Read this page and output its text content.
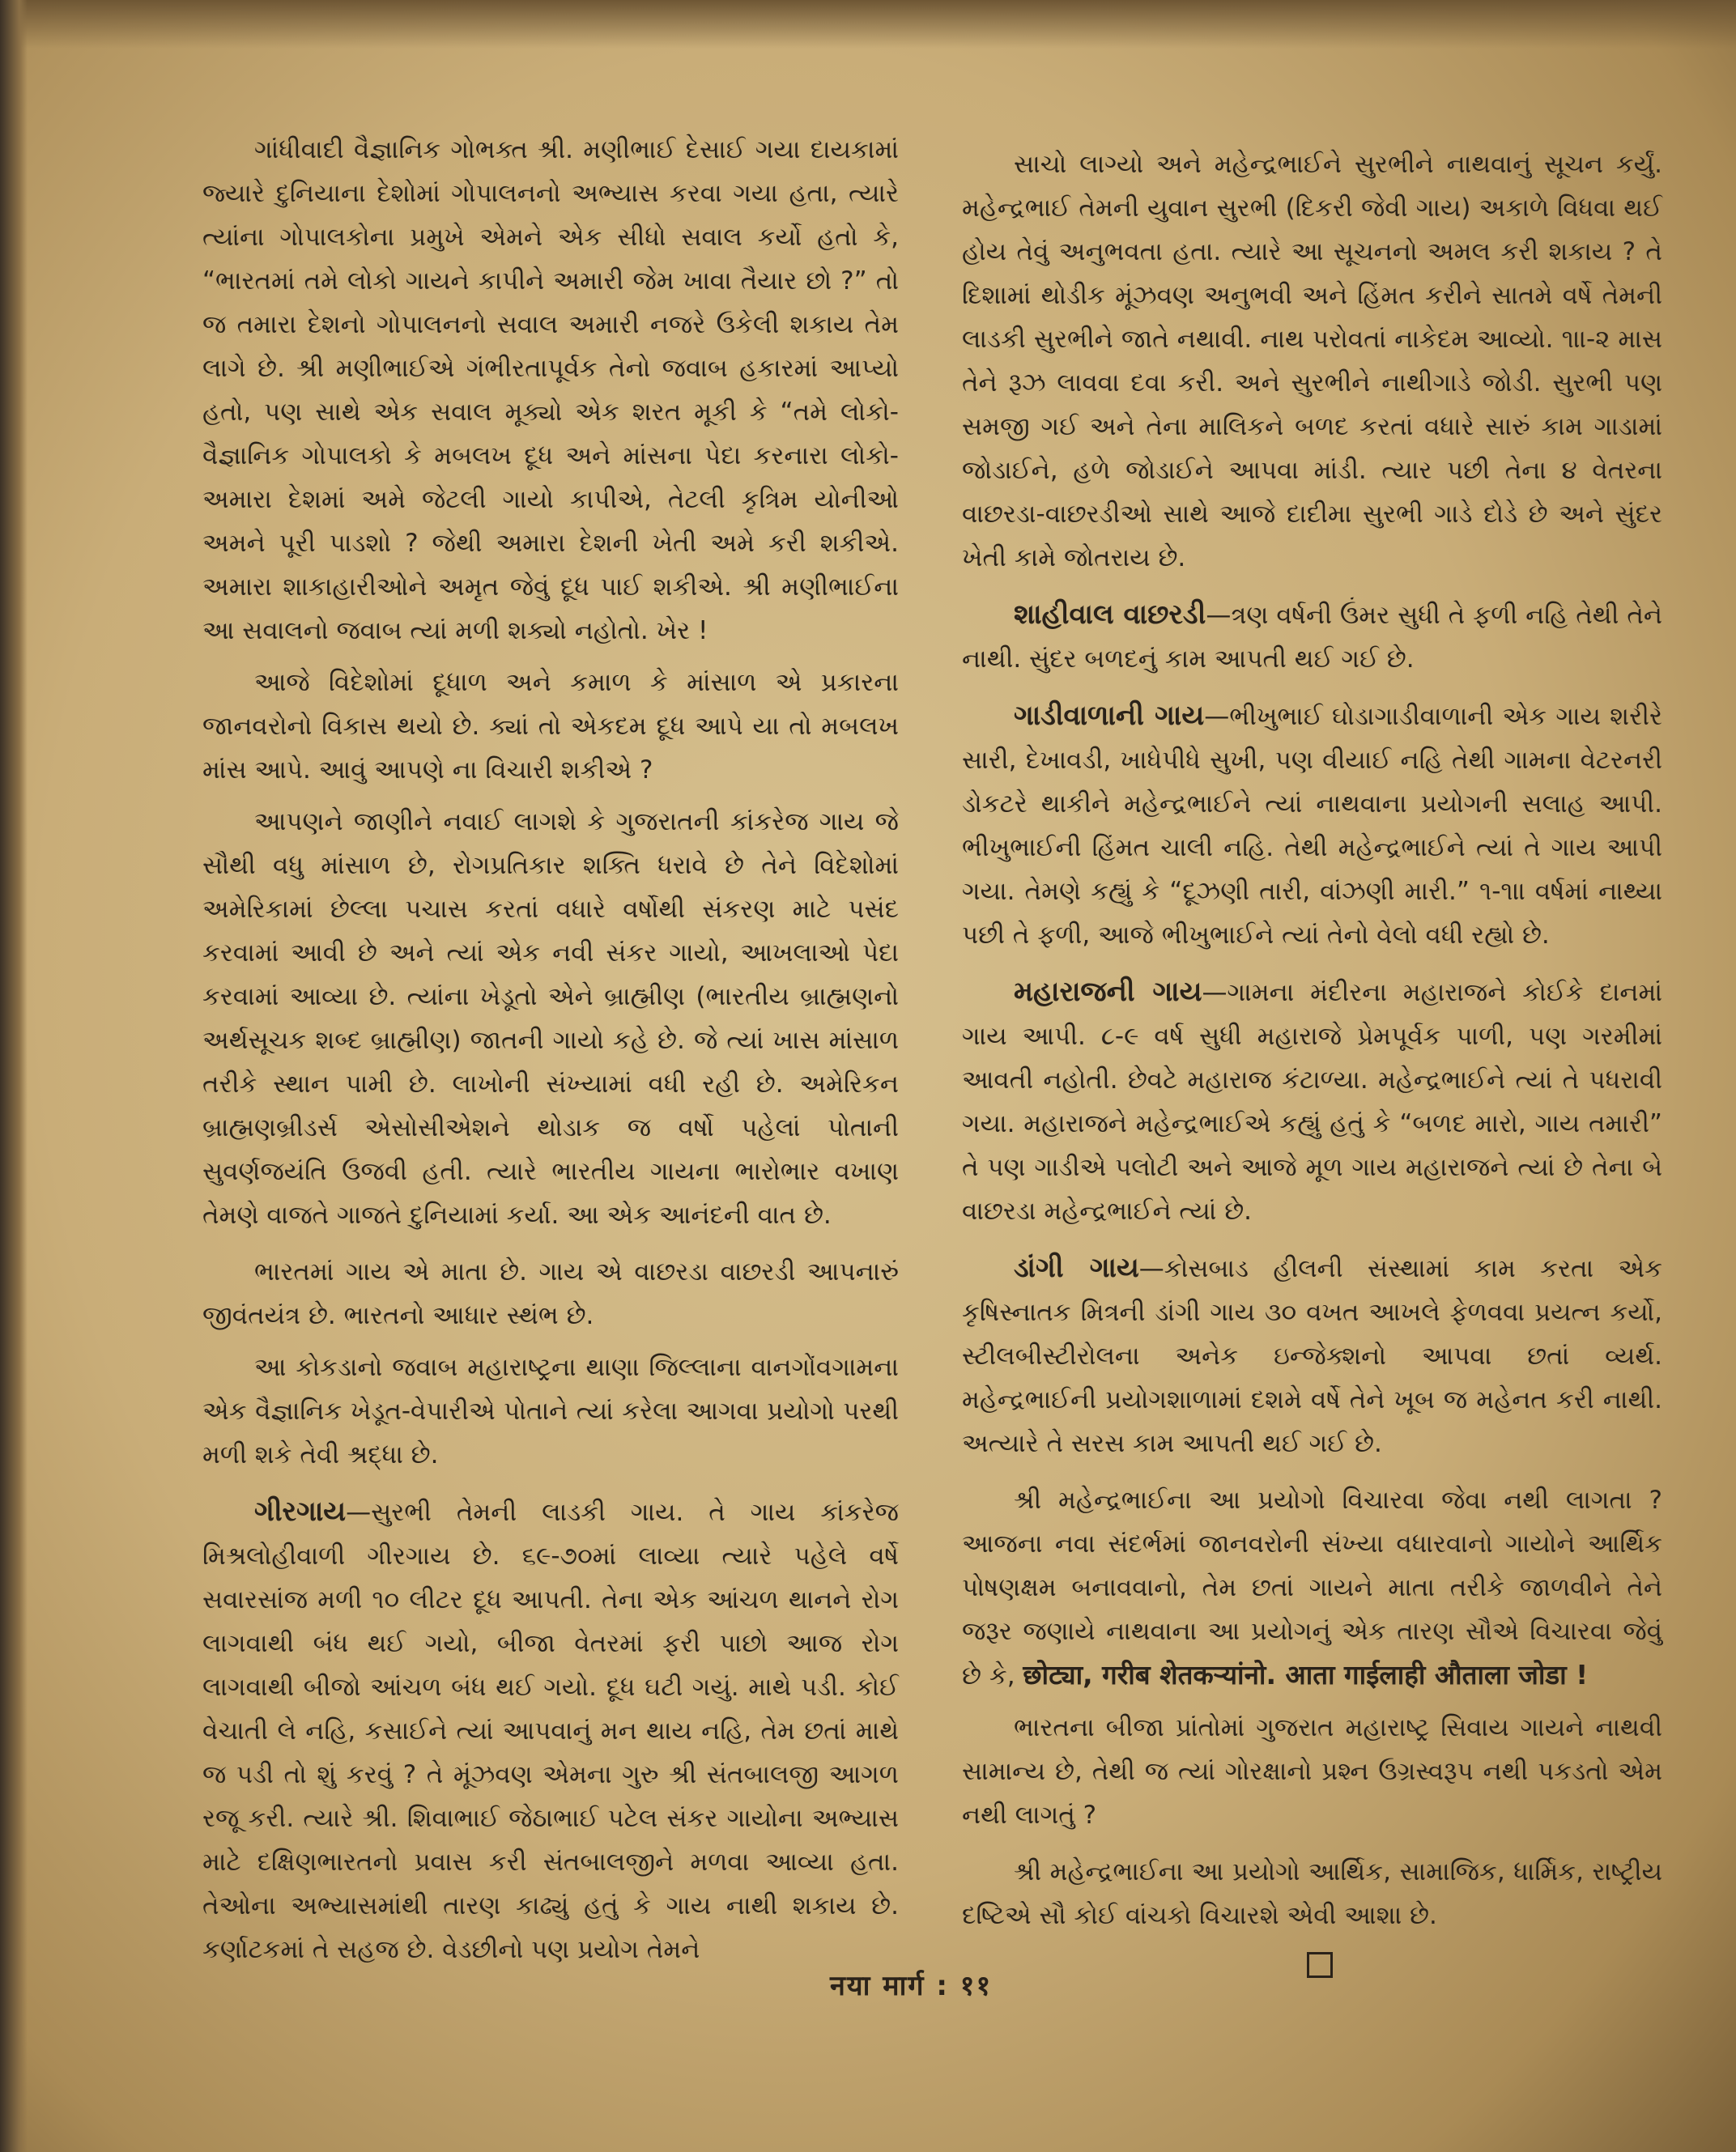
ગાંધીવાદી વૈજ્ઞાનિક ગોભક્ત શ્રી. મણીભાઈ દેસાઈ ગયા દાયકામાં જ્યારે દુનિયાના દેશોમાં ગોપાલનનો અભ્યાસ કરવા ગયા હતા, ત્યારે ત્યાંના ગોપાલકોના પ્રમુખે એમને એક સીધો સવાલ કર્યો હતો કે, “ભારતમાં તમે લોકો ગાયને કાપીને અમારી જેમ ખાવા તૈયાર છો ?” તો જ તમારા દેશનો ગોપાલનનો સવાલ અમારી નજરે ઉકેલી શકાય તેમ લાગે છે. શ્રી મણીભાઈએ ગંભીરતાપૂર્વક તેનો જવાબ હકારમાં આપ્યો હતો, પણ સાથે એક સવાલ મૂક્યો એક શરત મૂકી કે “તમે લોકો-વૈજ્ઞાનિક ગોપાલકો કે મબલખ દૂધ અને માંસના પેદા કરનારા લોકો-અમારા દેશમાં અમે જેટલી ગાયો કાપીએ, તેટલી કૃત્રિમ યોનીઓ અમને પૂરી પાડશો ? જેથી અમારા દેશની ખેતી અમે કરી શકીએ. અમારા શાકાહારીઓને અમૃત જેવું દૂધ પાઈ શકીએ. શ્રી મણીભાઈના આ સવાલનો જવાબ ત્યાં મળી શક્યો નહોતો. ખેર !

આજે વિદેશોમાં દૂધાળ અને કમાળ કે માંસાળ એ પ્રકારના જાનવરોનો વિકાસ થયો છે. ક્યાં તો એકદમ દૂધ આપે યા તો મબલખ માંસ આપે. આવું આપણે ના વિચારી શકીએ ?

આપણને જાણીને નવાઈ લાગશે કે ગુજરાતની કાંકરેજ ગાય જે સૌથી વધુ માંસાળ છે, રોગપ્રતિકાર શક્તિ ધરાવે છે તેને વિદેશોમાં અમેરિકામાં છેલ્લા પચાસ કરતાં વધારે વર્ષોથી સંકરણ માટે પસંદ કરવામાં આવી છે અને ત્યાં એક નવી સંકર ગાયો, આખલાઓ પેદા કરવામાં આવ્યા છે. ત્યાંના ખેડૂતો એને બ્રાહ્મીણ (ભારતીય બ્રાહ્મણનો અર્થસૂચક શબ્દ બ્રાહ્મીણ) જાતની ગાયો કહે છે. જે ત્યાં ખાસ માંસાળ તરીકે સ્થાન પામી છે. લાખોની સંખ્યામાં વધી રહી છે. અમેરિકન બ્રાહ્મણબ્રીડર્સ એસોસીએશને થોડાક જ વર્ષો પહેલાં પોતાની સુવર્ણજયંતિ ઉજવી હતી. ત્યારે ભારતીય ગાયના ભારોભાર વખાણ તેમણે વાજતે ગાજતે દુનિયામાં કર્યા. આ એક આનંદની વાત છે.

ભારતમાં ગાય એ માતા છે. ગાય એ વાછરડા વાછરડી આપનારું જીવંતયંત્ર છે. ભારતનો આધાર સ્થંભ છે.

આ કોકડાનો જવાબ મહારાષ્ટ્રના થાણા જિલ્લાના વાનગોંવગામના એક વૈજ્ઞાનિક ખેડૂત-વેપારીએ પોતાને ત્યાં કરેલા આગવા પ્રયોગો પરથી મળી શકે તેવી શ્રદ્ધા છે.

ગીરગાય—સુરભી તેમની લાડકી ગાય. તે ગાય કાંકરેજ મિશ્રલોહીવાળી ગીરગાય છે. ૬૯-૭૦માં લાવ્યા ત્યારે પહેલે વર્ષે સવારસાંજ મળી ૧૦ લીટર દૂધ આપતી. તેના એક આંચળ થાનને રોગ લાગવાથી બંધ થઈ ગયો, બીજા વેતરમાં ફરી પાછો આજ રોગ લાગવાથી બીજો આંચળ બંધ થઈ ગયો. દૂધ ઘટી ગયું. માથે પડી. કોઈ વેચાતી લે નહિ, કસાઈને ત્યાં આપવાનું મન થાય નહિ, તેમ છતાં માથે જ પડી તો શું કરવું ? તે મૂંઝવણ એમના ગુરુ શ્રી સંતબાલજી આગળ રજૂ કરી. ત્યારે શ્રી. શિવાભાઈ જેઠાભાઈ પટેલ સંકર ગાયોના અભ્યાસ માટે દક્ષિણભારતનો પ્રવાસ કરી સંતબાલજીને મળવા આવ્યા હતા. તેઓના અભ્યાસમાંથી તારણ કાઢ્યું હતું કે ગાય નાથી શકાય છે. કર્ણાટકમાં તે સહજ છે. વેડછીનો પણ પ્રયોગ તેમને

સાચો લાગ્યો અને મહેન્દ્રભાઈને સુરભીને નાથવાનું સૂચન કર્યું. મહેન્દ્રભાઈ તેમની યુવાન સુરભી (દિકરી જેવી ગાય) અકાળે વિધવા થઈ હોય તેવું અનુભવતા હતા. ત્યારે આ સૂચનનો અમલ કરી શકાય ? તે દિશામાં થોડીક મૂંઝવણ અનુભવી અને હિંમત કરીને સાતમે વર્ષે તેમની લાડકી સુરભીને જાતે નથાવી. નાથ પરોવતાં નાકેદમ આવ્યો. ૧ાા-૨ માસ તેને રૂઝ લાવવા દવા કરી. અને સુરભીને નાથીગાડે જોડી. સુરભી પણ સમજી ગઈ અને તેના માલિકને બળદ કરતાં વધારે સારું કામ ગાડામાં જોડાઈને, હળે જોડાઈને આપવા માંડી. ત્યાર પછી તેના ૪ વેતરના વાછરડા-વાછરડીઓ સાથે આજે દાદીમા સુરભી ગાડે દોડે છે અને સુંદર ખેતી કામે જોતરાય છે.

શાહીવાલ વાછરડી—ત્રણ વર્ષની ઉંમર સુધી તે ફળી નહિ તેથી તેને નાથી. સુંદર બળદનું કામ આપતી થઈ ગઈ છે.

ગાડીવાળાની ગાય—ભીખુભાઈ ઘોડાગાડીવાળાની એક ગાય શરીરે સારી, દેખાવડી, ખાધેપીધે સુખી, પણ વીયાઈ નહિ તેથી ગામના વેટરનરી ડોકટરે થાકીને મહેન્દ્રભાઈને ત્યાં નાથવાના પ્રયોગની સલાહ આપી. ભીખુભાઈની હિંમત ચાલી નહિ. તેથી મહેન્દ્રભાઈને ત્યાં તે ગાય આપી ગયા. તેમણે કહ્યું કે “દૂઝણી તારી, વાંઝણી મારી.” ૧-૧ાા વર્ષમાં નાથ્યા પછી તે ફળી, આજે ભીખુભાઈને ત્યાં તેનો વેલો વધી રહ્યો છે.

મહારાજની ગાય—ગામના મંદીરના મહારાજને કોઈકે દાનમાં ગાય આપી. ૮-૯ વર્ષ સુધી મહારાજે પ્રેમપૂર્વક પાળી, પણ ગરમીમાં આવતી નહોતી. છેવટે મહારાજ કંટાળ્યા. મહેન્દ્રભાઈને ત્યાં તે પધરાવી ગયા. મહારાજને મહેન્દ્રભાઈએ કહ્યું હતું કે “બળદ મારો, ગાય તમારી” તે પણ ગાડીએ પલોટી અને આજે મૂળ ગાય મહારાજને ત્યાં છે તેના બે વાછરડા મહેન્દ્રભાઈને ત્યાં છે.

ડાંગી ગાય—કોસબાડ હીલની સંસ્થામાં કામ કરતા એક કૃષિસ્નાતક મિત્રની ડાંગી ગાય ૩૦ વખત આખલે ફેળવવા પ્રયત્ન કર્યો, સ્ટીલબીસ્ટીરોલના અનેક ઇન્જેક્શનો આપવા છતાં વ્યર્થ. મહેન્દ્રભાઈની પ્રયોગશાળામાં દશમે વર્ષે તેને ખૂબ જ મહેનત કરી નાથી. અત્યારે તે સરસ કામ આપતી થઈ ગઈ છે.

શ્રી મહેન્દ્રભાઈના આ પ્રયોગો વિચારવા જેવા નથી લાગતા ? આજના નવા સંદર્ભમાં જાનવરોની સંખ્યા વધારવાનો ગાયોને આર્થિક પોષણક્ષમ બનાવવાનો, તેમ છતાં ગાયને માતા તરીકે જાળવીને તેને જરૂર જણાયે નાથવાના આ પ્રયોગનું એક તારણ સૌએ વિચારવા જેવું છે કે, छोट्या, गरीब शेतकर्‍यांनो. आता गाईलाही औताला जोडा !

ભારતના બીજા પ્રાંતોમાં ગુજરાત મહારાષ્ટ્ર સિવાય ગાયને નાથવી સામાન્ય છે, તેથી જ ત્યાં ગોરક્ષાનો પ્રશ્ન ઉગ્રસ્વરૂપ નથી પકડતો એમ નથી લાગતું ?

શ્રી મહેન્દ્રભાઈના આ પ્રયોગો આર્થિક, સામાજિક, ધાર્મિક, રાષ્ટ્રીય દષ્ટિએ સૌ કોઈ વાંચકો વિચારશે એવી આશા છે.

नया मार्ग : ११
